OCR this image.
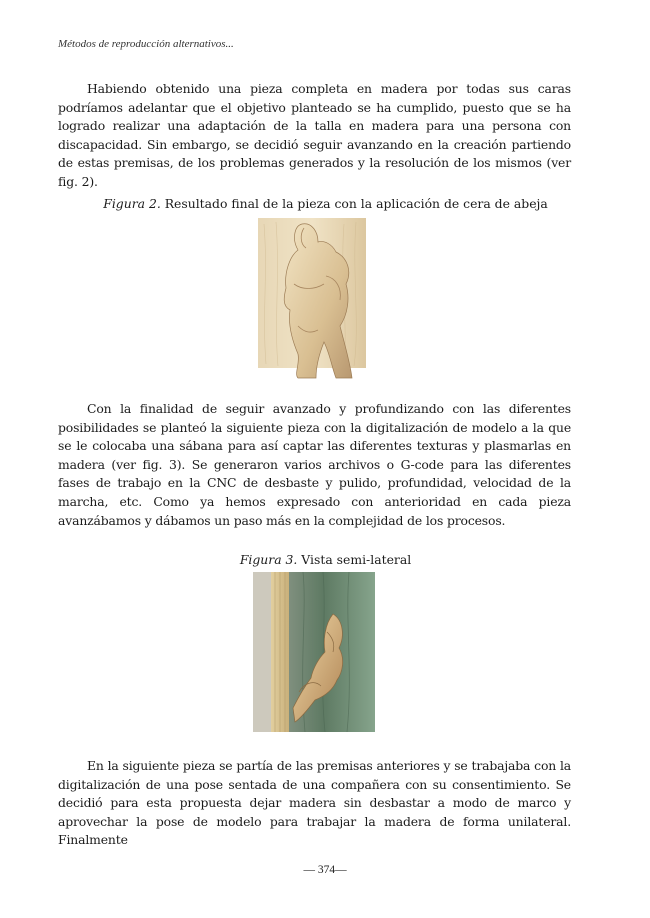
Métodos de reproducción alternativos...

Habiendo obtenido una pieza completa en madera por todas sus caras podríamos adelantar que el objetivo planteado se ha cumplido, puesto que se ha logrado realizar una adaptación de la talla en madera para una persona con discapacidad. Sin embargo, se decidió seguir avanzando en la creación partiendo de estas premisas, de los problemas generados y la resolución de los mismos (ver fig. 2).

Figura 2. Resultado final de la pieza con la aplicación de cera de abeja

Con la finalidad de seguir avanzado y profundizando con las diferentes posibilidades se planteó la siguiente pieza con la digitalización de modelo a la que se le colocaba una sábana para así captar las diferentes texturas y plasmarlas en madera (ver fig. 3). Se generaron varios archivos o G-code para las diferentes fases de trabajo en la CNC de desbaste y pulido, profundidad, velocidad de la marcha, etc. Como ya hemos expresado con anterioridad en cada pieza avanzábamos y dábamos un paso más en la complejidad de los procesos.

Figura 3. Vista semi-lateral

En la siguiente pieza se partía de las premisas anteriores y se trabajaba con la digitalización de una pose sentada de una compañera con su consentimiento. Se decidió para esta propuesta dejar madera sin desbastar a modo de marco y aprovechar la pose de modelo para trabajar la madera de forma unilateral. Finalmente

— 374—
